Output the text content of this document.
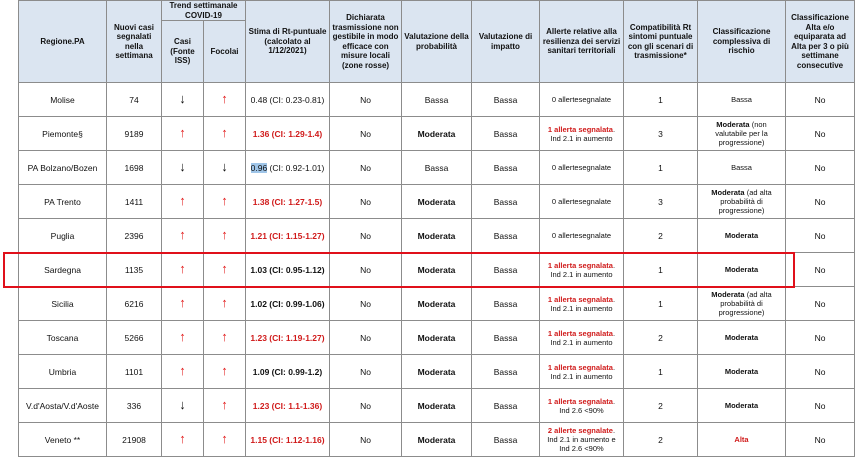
Regione.PA	Nuovi casi segnalati nella settimana	Trend settimanale COVID-19		Stima di Rt-puntuale (calcolato al 1/12/2021)	Dichiarata trasmissione non gestibile in modo efficace con misure locali (zone rosse)	Valutazione della probabilità	Valutazione di impatto	Allerte relative alla resilienza dei servizi sanitari territoriali	Compatibilità Rt sintomi puntuale con gli scenari di trasmissione*	Classificazione complessiva di rischio	Classificazione Alta e/o equiparata ad Alta per 3 o più settimane consecutive
		Casi (Fonte ISS)	Focolai								
Molise	74	↓	↑	0.48 (CI: 0.23-0.81)	No	Bassa	Bassa	0 allertesegnalate	1	Bassa	No
Piemonte§	9189	↑	↑	1.36 (CI: 1.29-1.4)	No	Moderata	Bassa	1 allerta segnalata. Ind 2.1 in aumento	3	Moderata (non valutabile per la progressione)	No
PA Bolzano/Bozen	1698	↓	↓	0.96 (CI: 0.92-1.01)	No	Bassa	Bassa	0 allertesegnalate	1	Bassa	No
PA Trento	1411	↑	↑	1.38 (CI: 1.27-1.5)	No	Moderata	Bassa	0 allertesegnalate	3	Moderata (ad alta probabilità di progressione)	No
Puglia	2396	↑	↑	1.21 (CI: 1.15-1.27)	No	Moderata	Bassa	0 allertesegnalate	2	Moderata	No
Sardegna	1135	↑	↑	1.03 (CI: 0.95-1.12)	No	Moderata	Bassa	1 allerta segnalata. Ind 2.1 in aumento	1	Moderata	No
Sicilia	6216	↑	↑	1.02 (CI: 0.99-1.06)	No	Moderata	Bassa	1 allerta segnalata. Ind 2.1 in aumento	1	Moderata (ad alta probabilità di progressione)	No
Toscana	5266	↑	↑	1.23 (CI: 1.19-1.27)	No	Moderata	Bassa	1 allerta segnalata. Ind 2.1 in aumento	2	Moderata	No
Umbria	1101	↑	↑	1.09 (CI: 0.99-1.2)	No	Moderata	Bassa	1 allerta segnalata. Ind 2.1 in aumento	1	Moderata	No
V.d'Aosta/V.d'Aoste	336	↓	↑	1.23 (CI: 1.1-1.36)	No	Moderata	Bassa	1 allerta segnalata. Ind 2.6 <90%	2	Moderata	No
Veneto **	21908	↑	↑	1.15 (CI: 1.12-1.16)	No	Moderata	Bassa	2 allerte segnalate. Ind 2.1 in aumento e Ind 2.6 <90%	2	Alta	No
